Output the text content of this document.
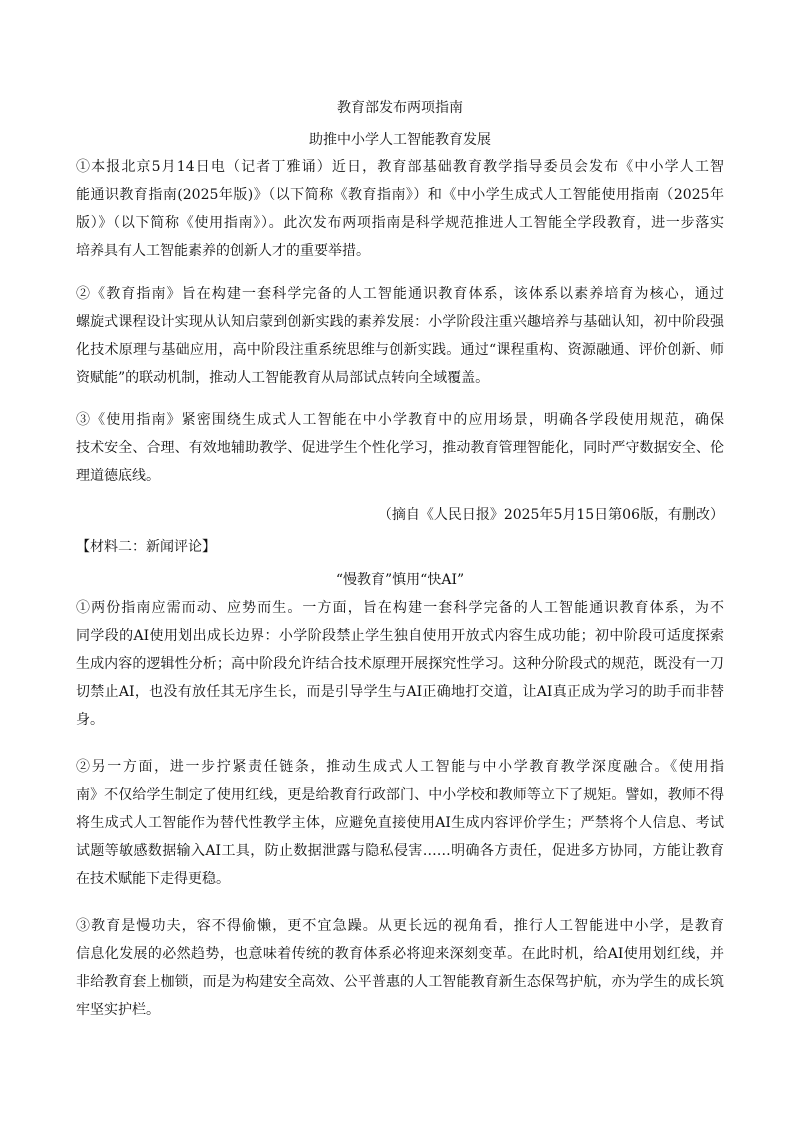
教育部发布两项指南
助推中小学人工智能教育发展
①本报北京5月14日电（记者丁雅诵）近日，教育部基础教育教学指导委员会发布《中小学人工智
能通识教育指南(2025年版)》（以下简称《教育指南》）和《中小学生成式人工智能使用指南（2025年
版）》（以下简称《使用指南》）。此次发布两项指南是科学规范推进人工智能全学段教育，进一步落实
培养具有人工智能素养的创新人才的重要举措。
②《教育指南》旨在构建一套科学完备的人工智能通识教育体系，该体系以素养培育为核心，通过
螺旋式课程设计实现从认知启蒙到创新实践的素养发展：小学阶段注重兴趣培养与基础认知，初中阶段强
化技术原理与基础应用，高中阶段注重系统思维与创新实践。通过“课程重构、资源融通、评价创新、师
资赋能”的联动机制，推动人工智能教育从局部试点转向全域覆盖。
③《使用指南》紧密围绕生成式人工智能在中小学教育中的应用场景，明确各学段使用规范，确保
技术安全、合理、有效地辅助教学、促进学生个性化学习，推动教育管理智能化，同时严守数据安全、伦
理道德底线。
（摘自《人民日报》2025年5月15日第06版，有删改）
【材料二：新闻评论】
“慢教育”慎用“快AI”
①两份指南应需而动、应势而生。一方面，旨在构建一套科学完备的人工智能通识教育体系，为不
同学段的AI使用划出成长边界：小学阶段禁止学生独自使用开放式内容生成功能；初中阶段可适度探索
生成内容的逻辑性分析；高中阶段允许结合技术原理开展探究性学习。这种分阶段式的规范，既没有一刀
切禁止AI，也没有放任其无序生长，而是引导学生与AI正确地打交道，让AI真正成为学习的助手而非替
身。
②另一方面，进一步拧紧责任链条，推动生成式人工智能与中小学教育教学深度融合。《使用指
南》不仅给学生制定了使用红线，更是给教育行政部门、中小学校和教师等立下了规矩。譬如，教师不得
将生成式人工智能作为替代性教学主体，应避免直接使用AI生成内容评价学生；严禁将个人信息、考试
试题等敏感数据输入AI工具，防止数据泄露与隐私侵害……明确各方责任，促进多方协同，方能让教育
在技术赋能下走得更稳。
③教育是慢功夫，容不得偷懒，更不宜急躁。从更长远的视角看，推行人工智能进中小学，是教育
信息化发展的必然趋势，也意味着传统的教育体系必将迎来深刻变革。在此时机，给AI使用划红线，并
非给教育套上枷锁，而是为构建安全高效、公平普惠的人工智能教育新生态保驾护航，亦为学生的成长筑
牢坚实护栏。
